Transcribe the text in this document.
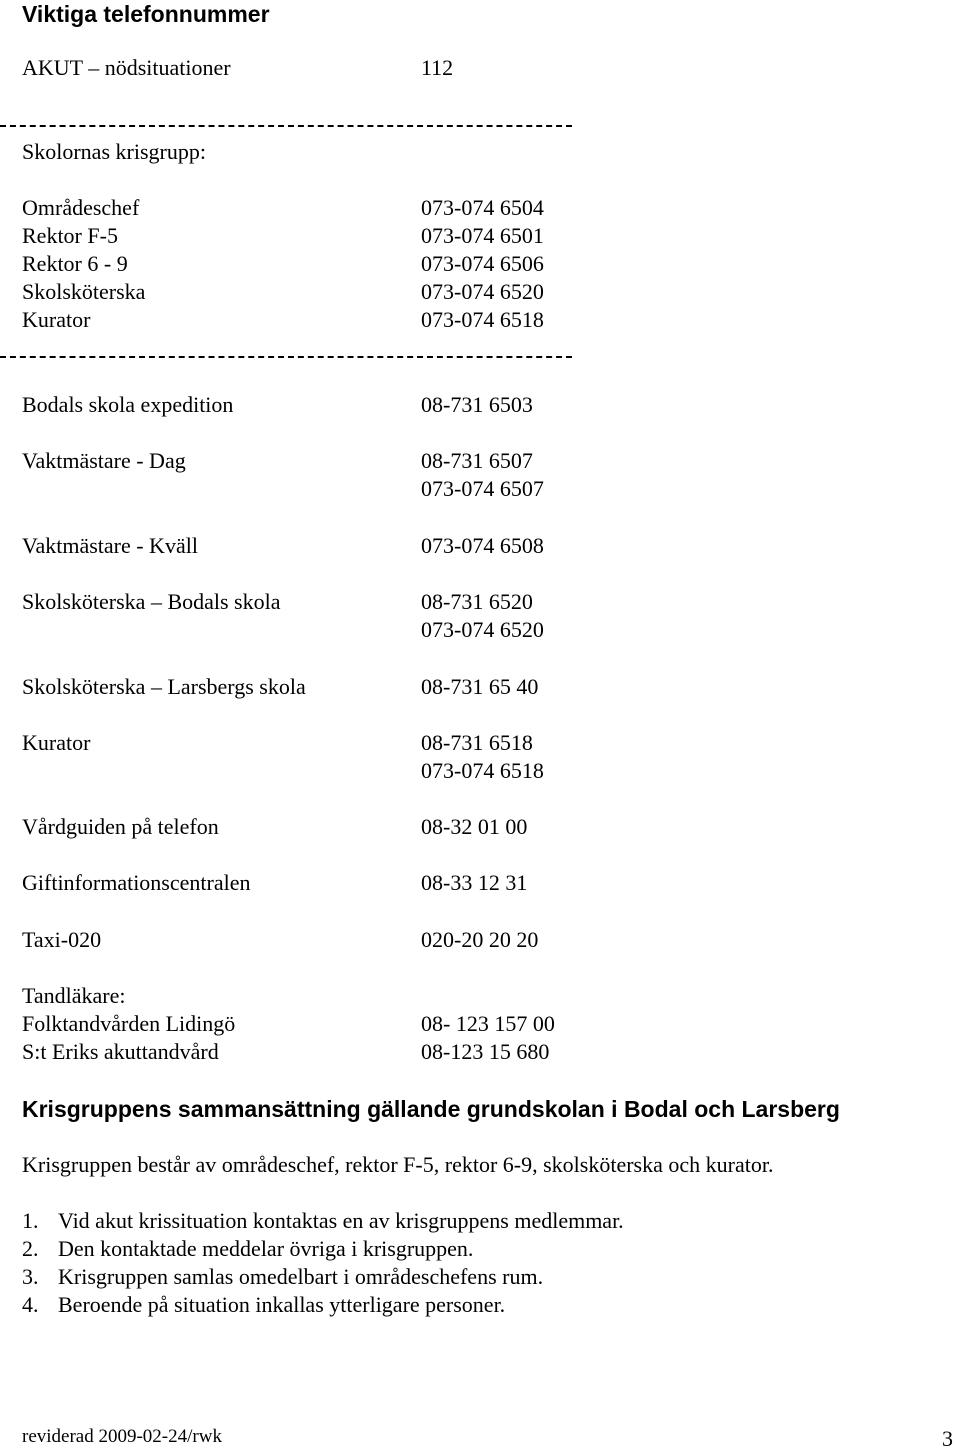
Viktiga telefonnummer
AKUT – nödsituationer	112
Skolornas krisgrupp:
Områdeschef	073-074 6504
Rektor F-5	073-074 6501
Rektor 6 - 9	073-074 6506
Skolsköterska	073-074 6520
Kurator	073-074 6518
Bodals skola expedition	08-731 6503
Vaktmästare - Dag	08-731 6507
073-074 6507
Vaktmästare - Kväll	073-074 6508
Skolsköterska – Bodals skola	08-731 6520
073-074 6520
Skolsköterska – Larsbergs skola	08-731 65 40
Kurator	08-731 6518
073-074 6518
Vårdguiden på telefon	08-32 01 00
Giftinformationscentralen	08-33 12 31
Taxi-020	020-20 20 20
Tandläkare:
Folktandvården Lidingö	08- 123 157 00
S:t Eriks akuttandvård	08-123 15 680
Krisgruppens sammansättning gällande grundskolan i Bodal och Larsberg
Krisgruppen består av områdeschef, rektor F-5, rektor 6-9, skolsköterska och kurator.
1. Vid akut krissituation kontaktas en av krisgruppens medlemmar.
2. Den kontaktade meddelar övriga i krisgruppen.
3. Krisgruppen samlas omedelbart i områdeschefens rum.
4. Beroende på situation inkallas ytterligare personer.
reviderad 2009-02-24/rwk	3
